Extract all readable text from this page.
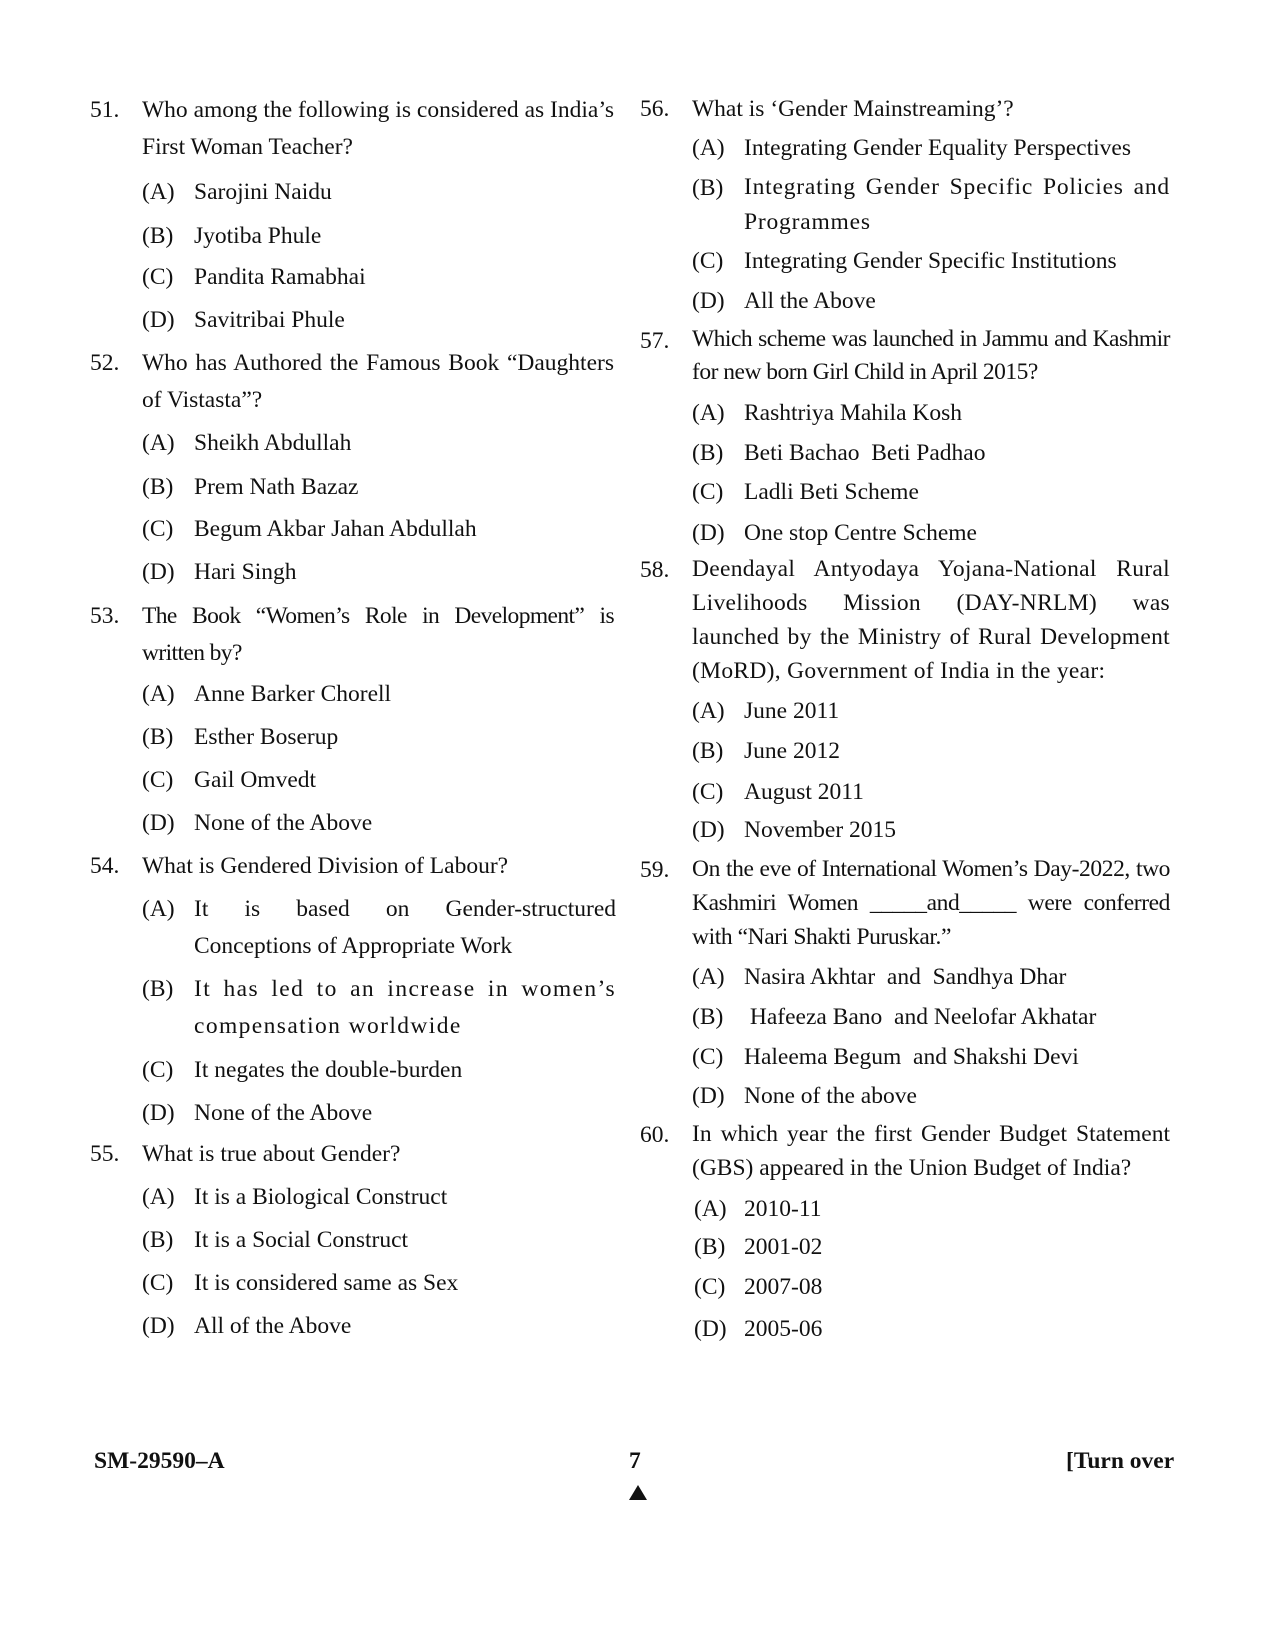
51. Who among the following is considered as India’s First Woman Teacher?
(A) Sarojini Naidu
(B) Jyotiba Phule
(C) Pandita Ramabhai
(D) Savitribai Phule
52. Who has Authored the Famous Book “Daughters of Vistasta”?
(A) Sheikh Abdullah
(B) Prem Nath Bazaz
(C) Begum Akbar Jahan Abdullah
(D) Hari Singh
53. The Book “Women’s Role in Development” is written by?
(A) Anne Barker Chorell
(B) Esther Boserup
(C) Gail Omvedt
(D) None of the Above
54. What is Gendered Division of Labour?
(A) It is based on Gender-structured Conceptions of Appropriate Work
(B) It has led to an increase in women’s compensation worldwide
(C) It negates the double-burden
(D) None of the Above
55. What is true about Gender?
(A) It is a Biological Construct
(B) It is a Social Construct
(C) It is considered same as Sex
(D) All of the Above
56. What is ‘Gender Mainstreaming’?
(A) Integrating Gender Equality Perspectives
(B) Integrating Gender Specific Policies and Programmes
(C) Integrating Gender Specific Institutions
(D) All the Above
57. Which scheme was launched in Jammu and Kashmir for new born Girl Child in April 2015?
(A) Rashtriya Mahila Kosh
(B) Beti Bachao  Beti Padhao
(C) Ladli Beti Scheme
(D) One stop Centre Scheme
58. Deendayal Antyodaya Yojana-National Rural Livelihoods Mission (DAY-NRLM) was launched by the Ministry of Rural Development (MoRD), Government of India in the year:
(A) June 2011
(B) June 2012
(C) August 2011
(D) November 2015
59. On the eve of International Women’s Day-2022, two Kashmiri Women _____and_____ were conferred with “Nari Shakti Puruskar.”
(A) Nasira Akhtar  and  Sandhya Dhar
(B) Hafeeza Bano  and Neelofar Akhatar
(C) Haleema Begum  and Shakshi Devi
(D) None of the above
60. In which year the first Gender Budget Statement (GBS) appeared in the Union Budget of India?
(A) 2010-11
(B) 2001-02
(C) 2007-08
(D) 2005-06
SM-29590–A	7	[Turn over
